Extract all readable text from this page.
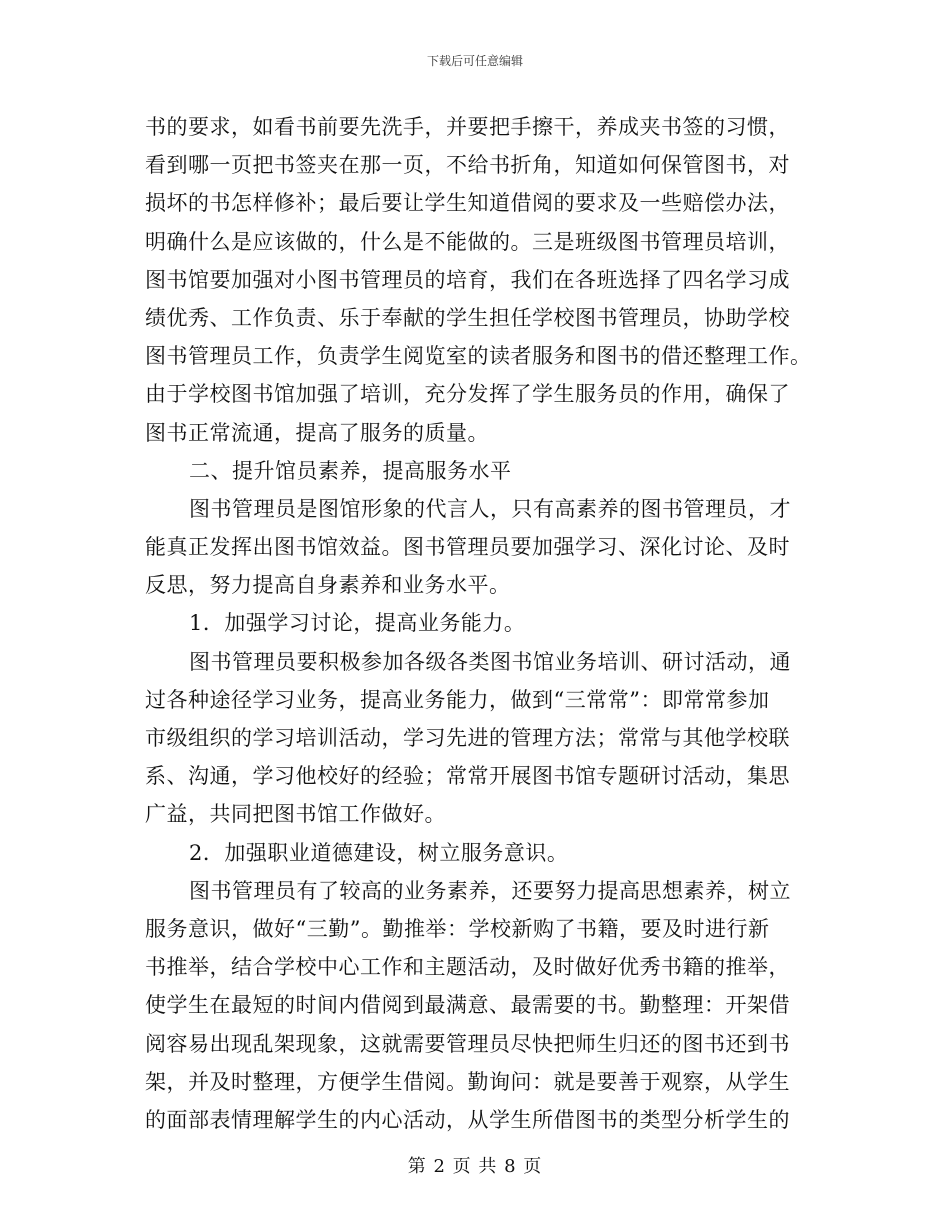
下载后可任意编辑
书的要求，如看书前要先洗手，并要把手擦干，养成夹书签的习惯，
看到哪一页把书签夹在那一页，不给书折角，知道如何保管图书，对
损坏的书怎样修补；最后要让学生知道借阅的要求及一些赔偿办法，
明确什么是应该做的，什么是不能做的。三是班级图书管理员培训，
图书馆要加强对小图书管理员的培育，我们在各班选择了四名学习成
绩优秀、工作负责、乐于奉献的学生担任学校图书管理员，协助学校
图书管理员工作，负责学生阅览室的读者服务和图书的借还整理工作。
由于学校图书馆加强了培训，充分发挥了学生服务员的作用，确保了
图书正常流通，提高了服务的质量。
二、提升馆员素养，提高服务水平
图书管理员是图馆形象的代言人，只有高素养的图书管理员，才
能真正发挥出图书馆效益。图书管理员要加强学习、深化讨论、及时
反思，努力提高自身素养和业务水平。
1．加强学习讨论，提高业务能力。
图书管理员要积极参加各级各类图书馆业务培训、研讨活动，通
过各种途径学习业务，提高业务能力，做到“三常常”：即常常参加
市级组织的学习培训活动，学习先进的管理方法；常常与其他学校联
系、沟通，学习他校好的经验；常常开展图书馆专题研讨活动，集思
广益，共同把图书馆工作做好。
2．加强职业道德建设，树立服务意识。
图书管理员有了较高的业务素养，还要努力提高思想素养，树立
服务意识，做好“三勤”。勤推举：学校新购了书籍，要及时进行新
书推举，结合学校中心工作和主题活动，及时做好优秀书籍的推举，
使学生在最短的时间内借阅到最满意、最需要的书。勤整理：开架借
阅容易出现乱架现象，这就需要管理员尽快把师生归还的图书还到书
架，并及时整理，方便学生借阅。勤询问：就是要善于观察，从学生
的面部表情理解学生的内心活动，从学生所借图书的类型分析学生的
第 2 页 共 8 页
